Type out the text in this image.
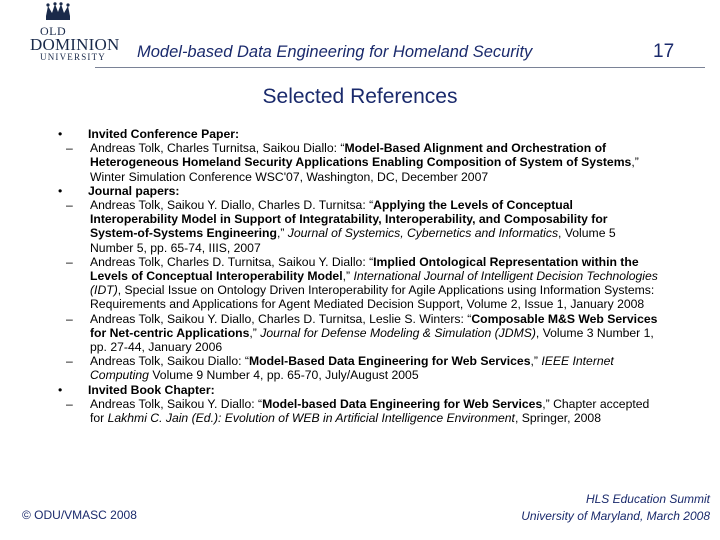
OLD
DOMINION
UNIVERSITY	Model-based Data Engineering for Homeland Security	17
Selected References
• Invited Conference Paper:
– Andreas Tolk, Charles Turnitsa, Saikou Diallo: “Model-Based Alignment and Orchestration of Heterogeneous Homeland Security Applications Enabling Composition of System of Systems,” Winter Simulation Conference WSC'07, Washington, DC, December 2007
• Journal papers:
– Andreas Tolk, Saikou Y. Diallo, Charles D. Turnitsa: “Applying the Levels of Conceptual Interoperability Model in Support of Integratability, Interoperability, and Composability for System-of-Systems Engineering,” Journal of Systemics, Cybernetics and Informatics, Volume 5 Number 5, pp. 65-74, IIIS, 2007
– Andreas Tolk, Charles D. Turnitsa, Saikou Y. Diallo: “Implied Ontological Representation within the Levels of Conceptual Interoperability Model,” International Journal of Intelligent Decision Technologies (IDT), Special Issue on Ontology Driven Interoperability for Agile Applications using Information Systems: Requirements and Applications for Agent Mediated Decision Support, Volume 2, Issue 1, January 2008
– Andreas Tolk, Saikou Y. Diallo, Charles D. Turnitsa, Leslie S. Winters: “Composable M&S Web Services for Net-centric Applications,” Journal for Defense Modeling & Simulation (JDMS), Volume 3 Number 1, pp. 27-44, January 2006
– Andreas Tolk, Saikou Diallo: “Model-Based Data Engineering for Web Services,” IEEE Internet Computing Volume 9 Number 4, pp. 65-70, July/August 2005
• Invited Book Chapter:
– Andreas Tolk, Saikou Y. Diallo: “Model-based Data Engineering for Web Services,” Chapter accepted for Lakhmi C. Jain (Ed.): Evolution of WEB in Artificial Intelligence Environment, Springer, 2008
© ODU/VMASC 2008
HLS Education Summit
University of Maryland, March 2008
